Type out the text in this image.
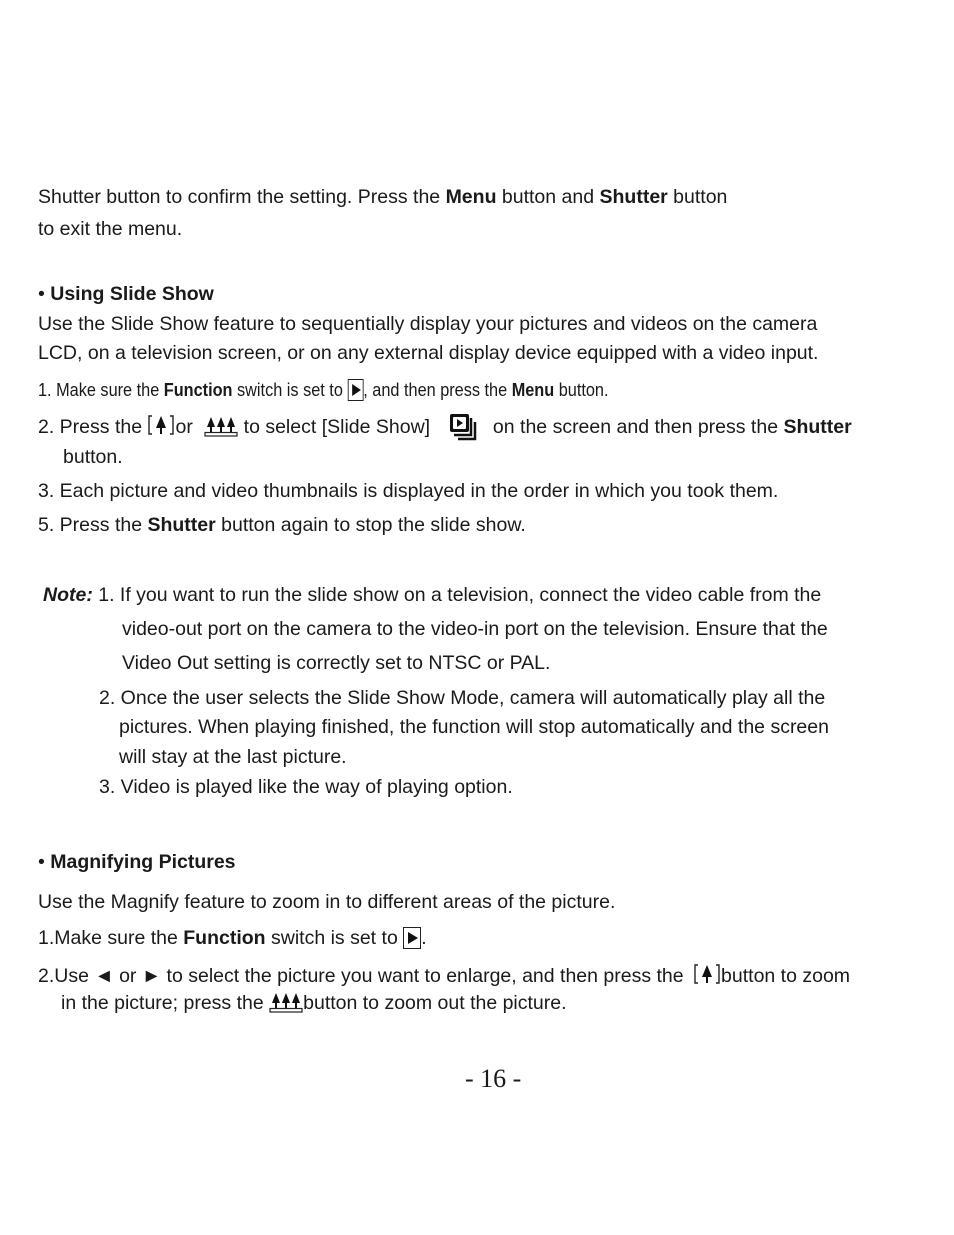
Shutter button to confirm the setting. Press the Menu button and Shutter button
to exit the menu.
• Using Slide Show
Use the Slide Show feature to sequentially display your pictures and videos on the camera
LCD, on a television screen, or on any external display device equipped with a video input.
1. Make sure the Function switch is set to , and then press the Menu button.
2. Press the or  to select [Slide Show]	on the screen and then press the Shutter
button.
3. Each picture and video thumbnails is displayed in the order in which you took them.
5. Press the Shutter button again to stop the slide show.
Note: 1. If you want to run the slide show on a television, connect the video cable from the
video-out port on the camera to the video-in port on the television. Ensure that the
Video Out setting is correctly set to NTSC or PAL.
2. Once the user selects the Slide Show Mode, camera will automatically play all the
pictures. When playing finished, the function will stop automatically and the screen
will stay at the last picture.
3. Video is played like the way of playing option.
• Magnifying Pictures
Use the Magnify feature to zoom in to different areas of the picture.
1.Make sure the Function switch is set to .
2.Use ◄ or ► to select the picture you want to enlarge, and then press the button to zoom
in the picture; press the button to zoom out the picture.
- 16 -
